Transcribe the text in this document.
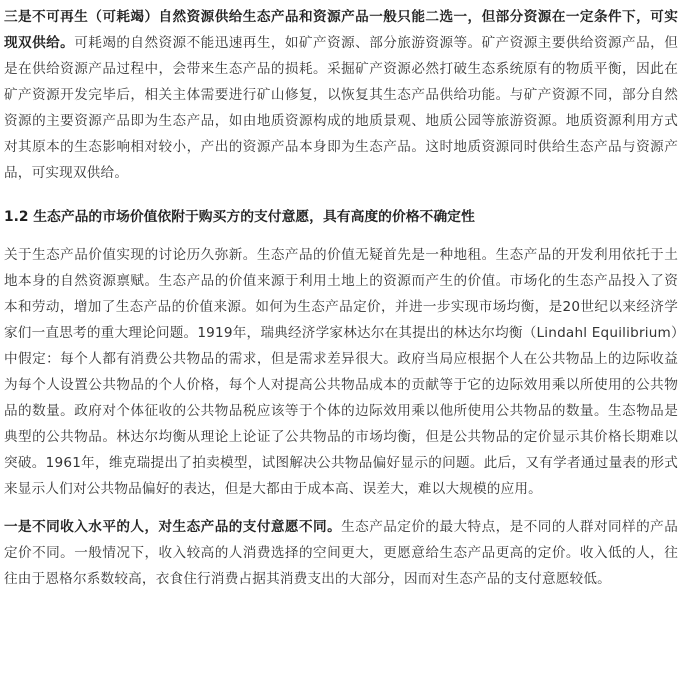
三是不可再生（可耗竭）自然资源供给生态产品和资源产品一般只能二选一，但部分资源在一定条件下，可实现双供给。可耗竭的自然资源不能迅速再生，如矿产资源、部分旅游资源等。矿产资源主要供给资源产品，但是在供给资源产品过程中，会带来生态产品的损耗。采掘矿产资源必然打破生态系统原有的物质平衡，因此在矿产资源开发完毕后，相关主体需要进行矿山修复，以恢复其生态产品供给功能。与矿产资源不同，部分自然资源的主要资源产品即为生态产品，如由地质资源构成的地质景观、地质公园等旅游资源。地质资源利用方式对其原本的生态影响相对较小，产出的资源产品本身即为生态产品。这时地质资源同时供给生态产品与资源产品，可实现双供给。

1.2 生态产品的市场价值依附于购买方的支付意愿，具有高度的价格不确定性

关于生态产品价值实现的讨论历久弥新。生态产品的价值无疑首先是一种地租。生态产品的开发利用依托于土地本身的自然资源禀赋。生态产品的价值来源于利用土地上的资源而产生的价值。市场化的生态产品投入了资本和劳动，增加了生态产品的价值来源。如何为生态产品定价，并进一步实现市场均衡，是20世纪以来经济学家们一直思考的重大理论问题。1919年，瑞典经济学家林达尔在其提出的林达尔均衡（Lindahl Equilibrium）中假定：每个人都有消费公共物品的需求，但是需求差异很大。政府当局应根据个人在公共物品上的边际收益为每个人设置公共物品的个人价格，每个人对提高公共物品成本的贡献等于它的边际效用乘以所使用的公共物品的数量。政府对个体征收的公共物品税应该等于个体的边际效用乘以他所使用公共物品的数量。生态物品是典型的公共物品。林达尔均衡从理论上论证了公共物品的市场均衡，但是公共物品的定价显示其价格长期难以突破。1961年，维克瑞提出了拍卖模型，试图解决公共物品偏好显示的问题。此后，又有学者通过量表的形式来显示人们对公共物品偏好的表达，但是大都由于成本高、误差大，难以大规模的应用。

一是不同收入水平的人，对生态产品的支付意愿不同。生态产品定价的最大特点，是不同的人群对同样的产品定价不同。一般情况下，收入较高的人消费选择的空间更大，更愿意给生态产品更高的定价。收入低的人，往往由于恩格尔系数较高，衣食住行消费占据其消费支出的大部分，因而对生态产品的支付意愿较低。
